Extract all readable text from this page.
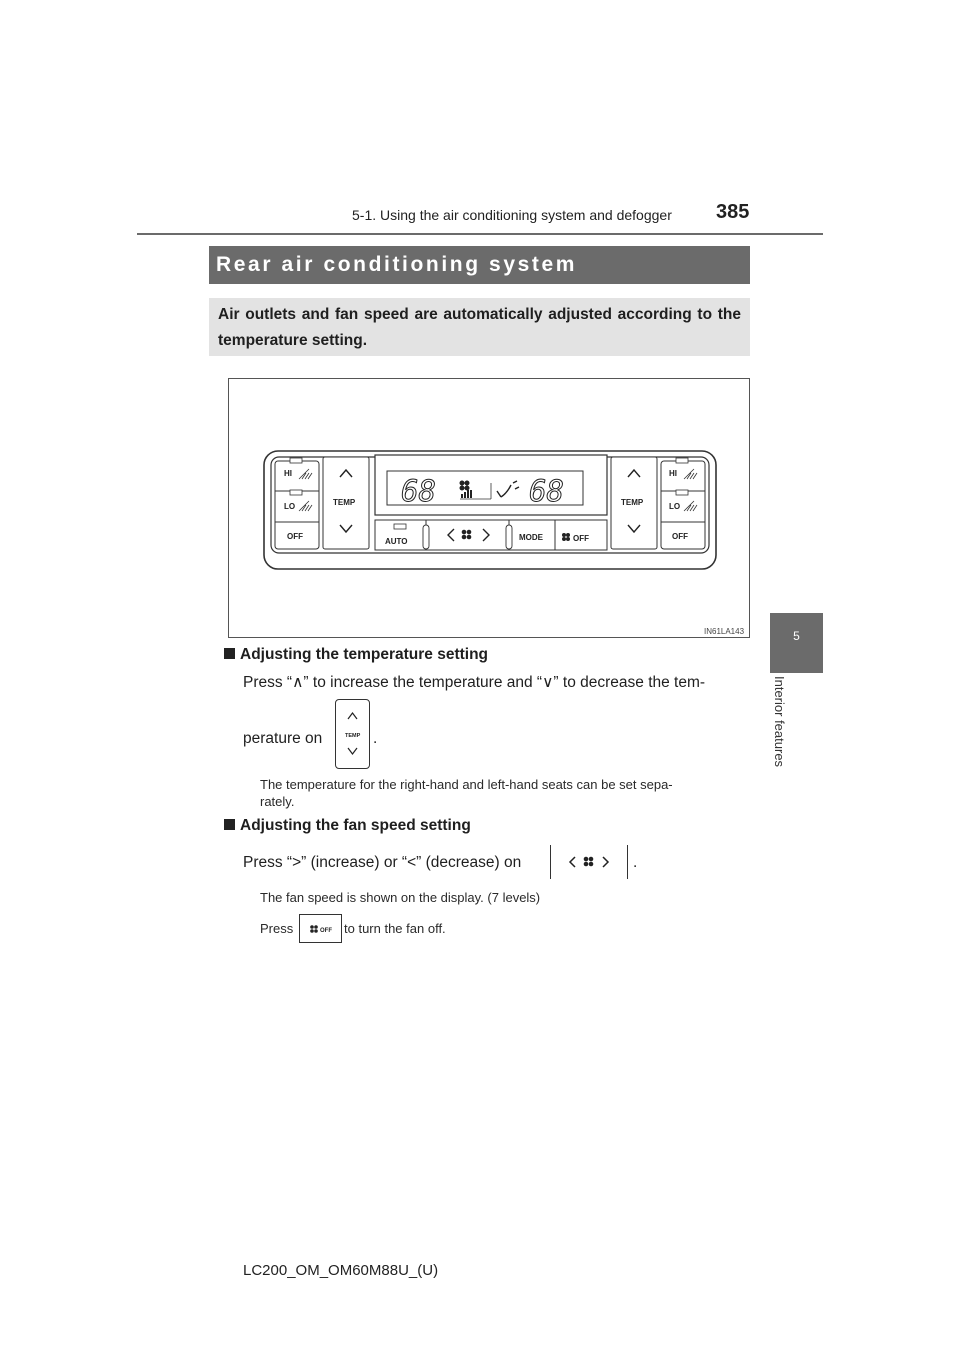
5-1. Using the air conditioning system and defogger 385
5
Interior features
Rear air conditioning system
Air outlets and fan speed are automatically adjusted according to the temperature setting.
HI
LO
OFF
TEMP 68	68
AUTO	MODE	OFF
TEMP
HI
LO
OFF
IN61LA143
Adjusting the temperature setting
Press “∧” to increase the temperature and “∨” to decrease the tem-
perature on	TEMP .
The temperature for the right-hand and left-hand seats can be set sepa-
rately.
Adjusting the fan speed setting
Press “>” (increase) or “<” (decrease) on	.
The fan speed is shown on the display. (7 levels)
Press	OFF to turn the fan off.
LC200_OM_OM60M88U_(U)
